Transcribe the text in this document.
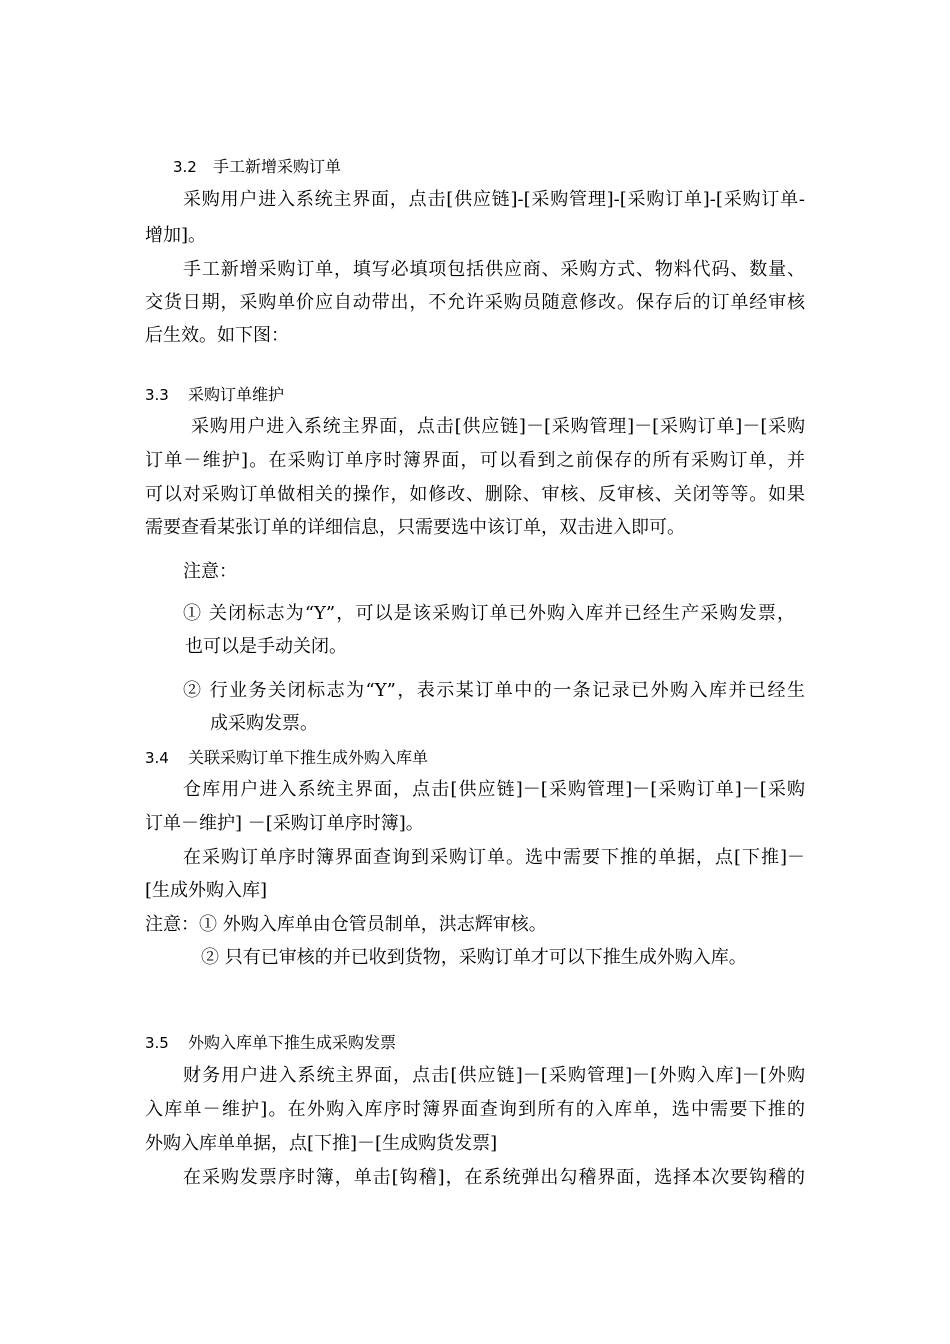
3.2 手工新增采购订单
采购用户进入系统主界面，点击[供应链]-[采购管理]-[采购订单]-[采购订单-
增加]。
手工新增采购订单，填写必填项包括供应商、采购方式、物料代码、数量、
交货日期，采购单价应自动带出，不允许采购员随意修改。保存后的订单经审核
后生效。如下图：
3.3 采购订单维护
采购用户进入系统主界面，点击[供应链]－[采购管理]－[采购订单]－[采购
订单－维护]。在采购订单序时簿界面，可以看到之前保存的所有采购订单，并
可以对采购订单做相关的操作，如修改、删除、审核、反审核、关闭等等。如果
需要查看某张订单的详细信息，只需要选中该订单，双击进入即可。
注意：
① 关闭标志为“Y”，可以是该采购订单已外购入库并已经生产采购发票，
也可以是手动关闭。
② 行业务关闭标志为“Y”，表示某订单中的一条记录已外购入库并已经生
成采购发票。
3.4 关联采购订单下推生成外购入库单
仓库用户进入系统主界面，点击[供应链]－[采购管理]－[采购订单]－[采购
订单－维护] －[采购订单序时簿]。
在采购订单序时簿界面查询到采购订单。选中需要下推的单据，点[下推]－
[生成外购入库]
注意：① 外购入库单由仓管员制单，洪志辉审核。
② 只有已审核的并已收到货物，采购订单才可以下推生成外购入库。
3.5 外购入库单下推生成采购发票
财务用户进入系统主界面，点击[供应链]－[采购管理]－[外购入库]－[外购
入库单－维护]。在外购入库序时簿界面查询到所有的入库单，选中需要下推的
外购入库单单据，点[下推]－[生成购货发票]
在采购发票序时簿，单击[钩稽]，在系统弹出勾稽界面，选择本次要钩稽的
